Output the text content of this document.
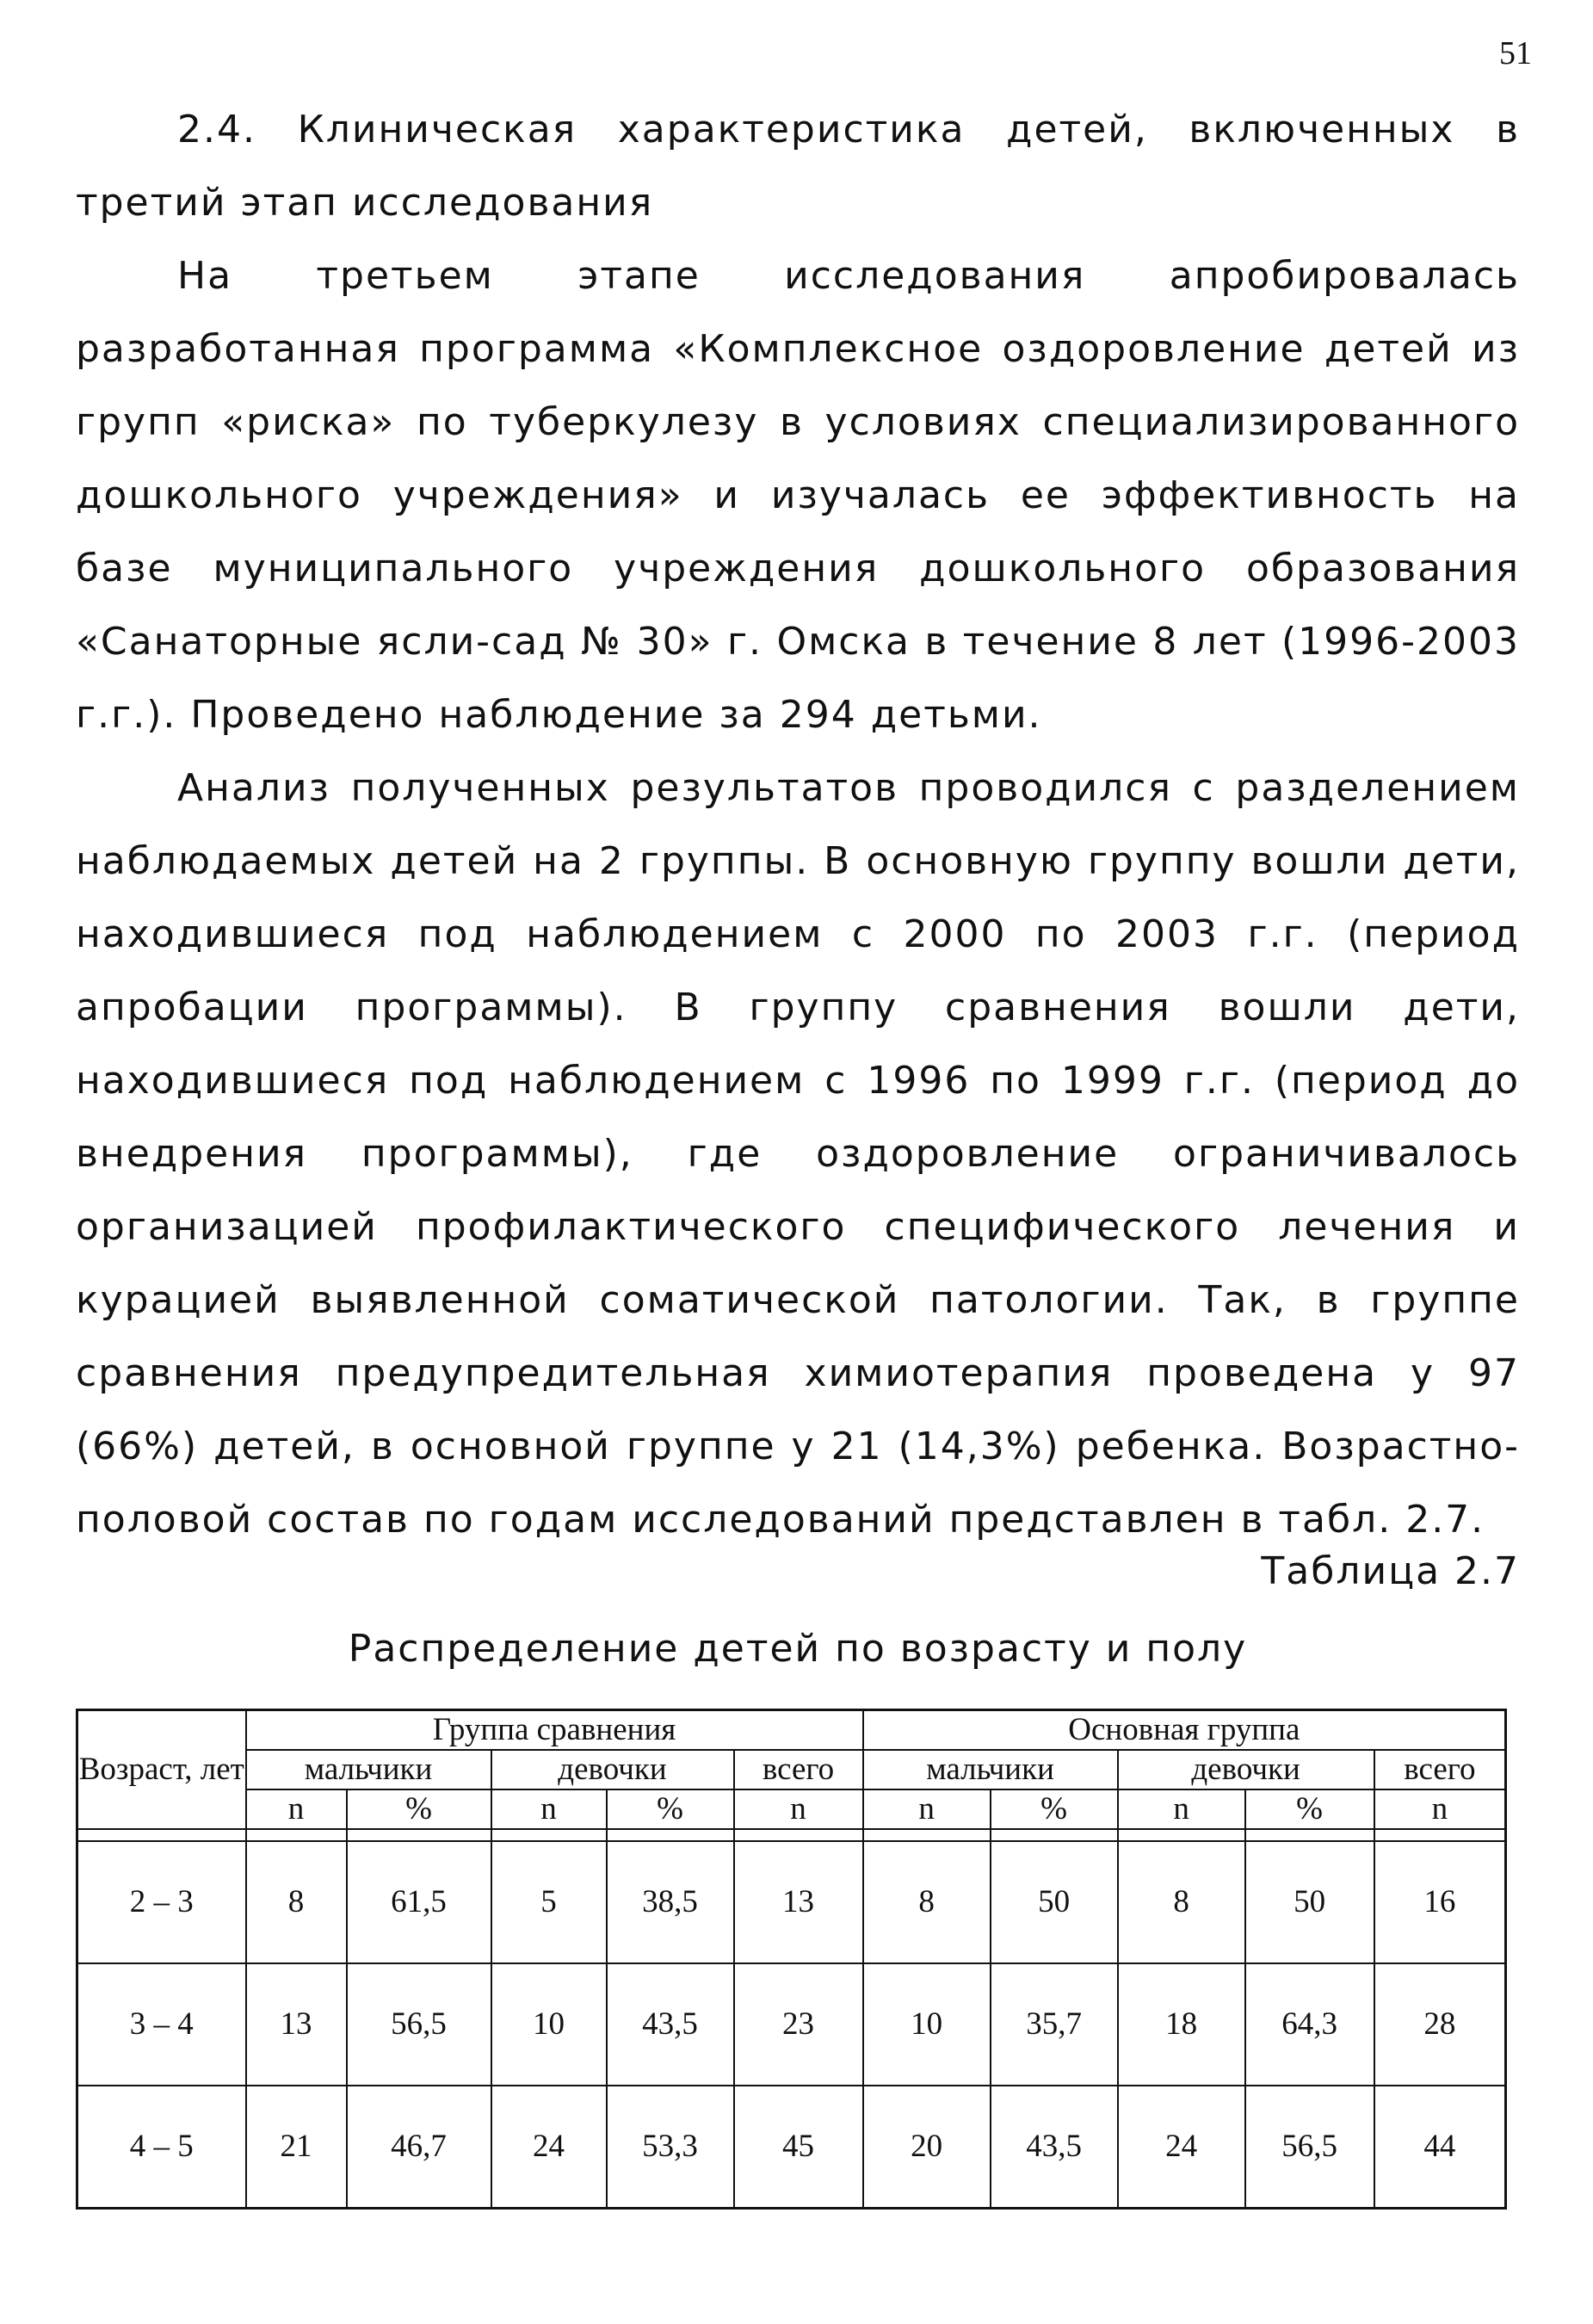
51

2.4. Клиническая характеристика детей, включенных в третий этап исследования

На третьем этапе исследования апробировалась разработанная программа «Комплексное оздоровление детей из групп «риска» по туберкулезу в условиях специализированного дошкольного учреждения» и изучалась ее эффективность на базе муниципального учреждения дошкольного образования «Санаторные ясли-сад № 30» г. Омска в течение 8 лет (1996-2003 г.г.). Проведено наблюдение за 294 детьми.

Анализ полученных результатов проводился с разделением наблюдаемых детей на 2 группы. В основную группу вошли дети, находившиеся под наблюдением с 2000 по 2003 г.г. (период апробации программы). В группу сравнения вошли дети, находившиеся под наблюдением с 1996 по 1999 г.г. (период до внедрения программы), где оздоровление ограничивалось организацией профилактического специфического лечения и курацией выявленной соматической патологии. Так, в группе сравнения предупредительная химиотерапия проведена у 97 (66%) детей, в основной группе у 21 (14,3%) ребенка. Возрастно-половой состав по годам исследований представлен в табл. 2.7.

Таблица 2.7
Распределение детей по возрасту и полу
Возраст, лет	Группа сравнения					Основная группа				
	мальчики		девочки		всего	мальчики		девочки		всего
	n	%	n	%	n	n	%	n	%	n

2 – 3	8	61,5	5	38,5	13	8	50	8	50	16
3 – 4	13	56,5	10	43,5	23	10	35,7	18	64,3	28
4 – 5	21	46,7	24	53,3	45	20	43,5	24	56,5	44
